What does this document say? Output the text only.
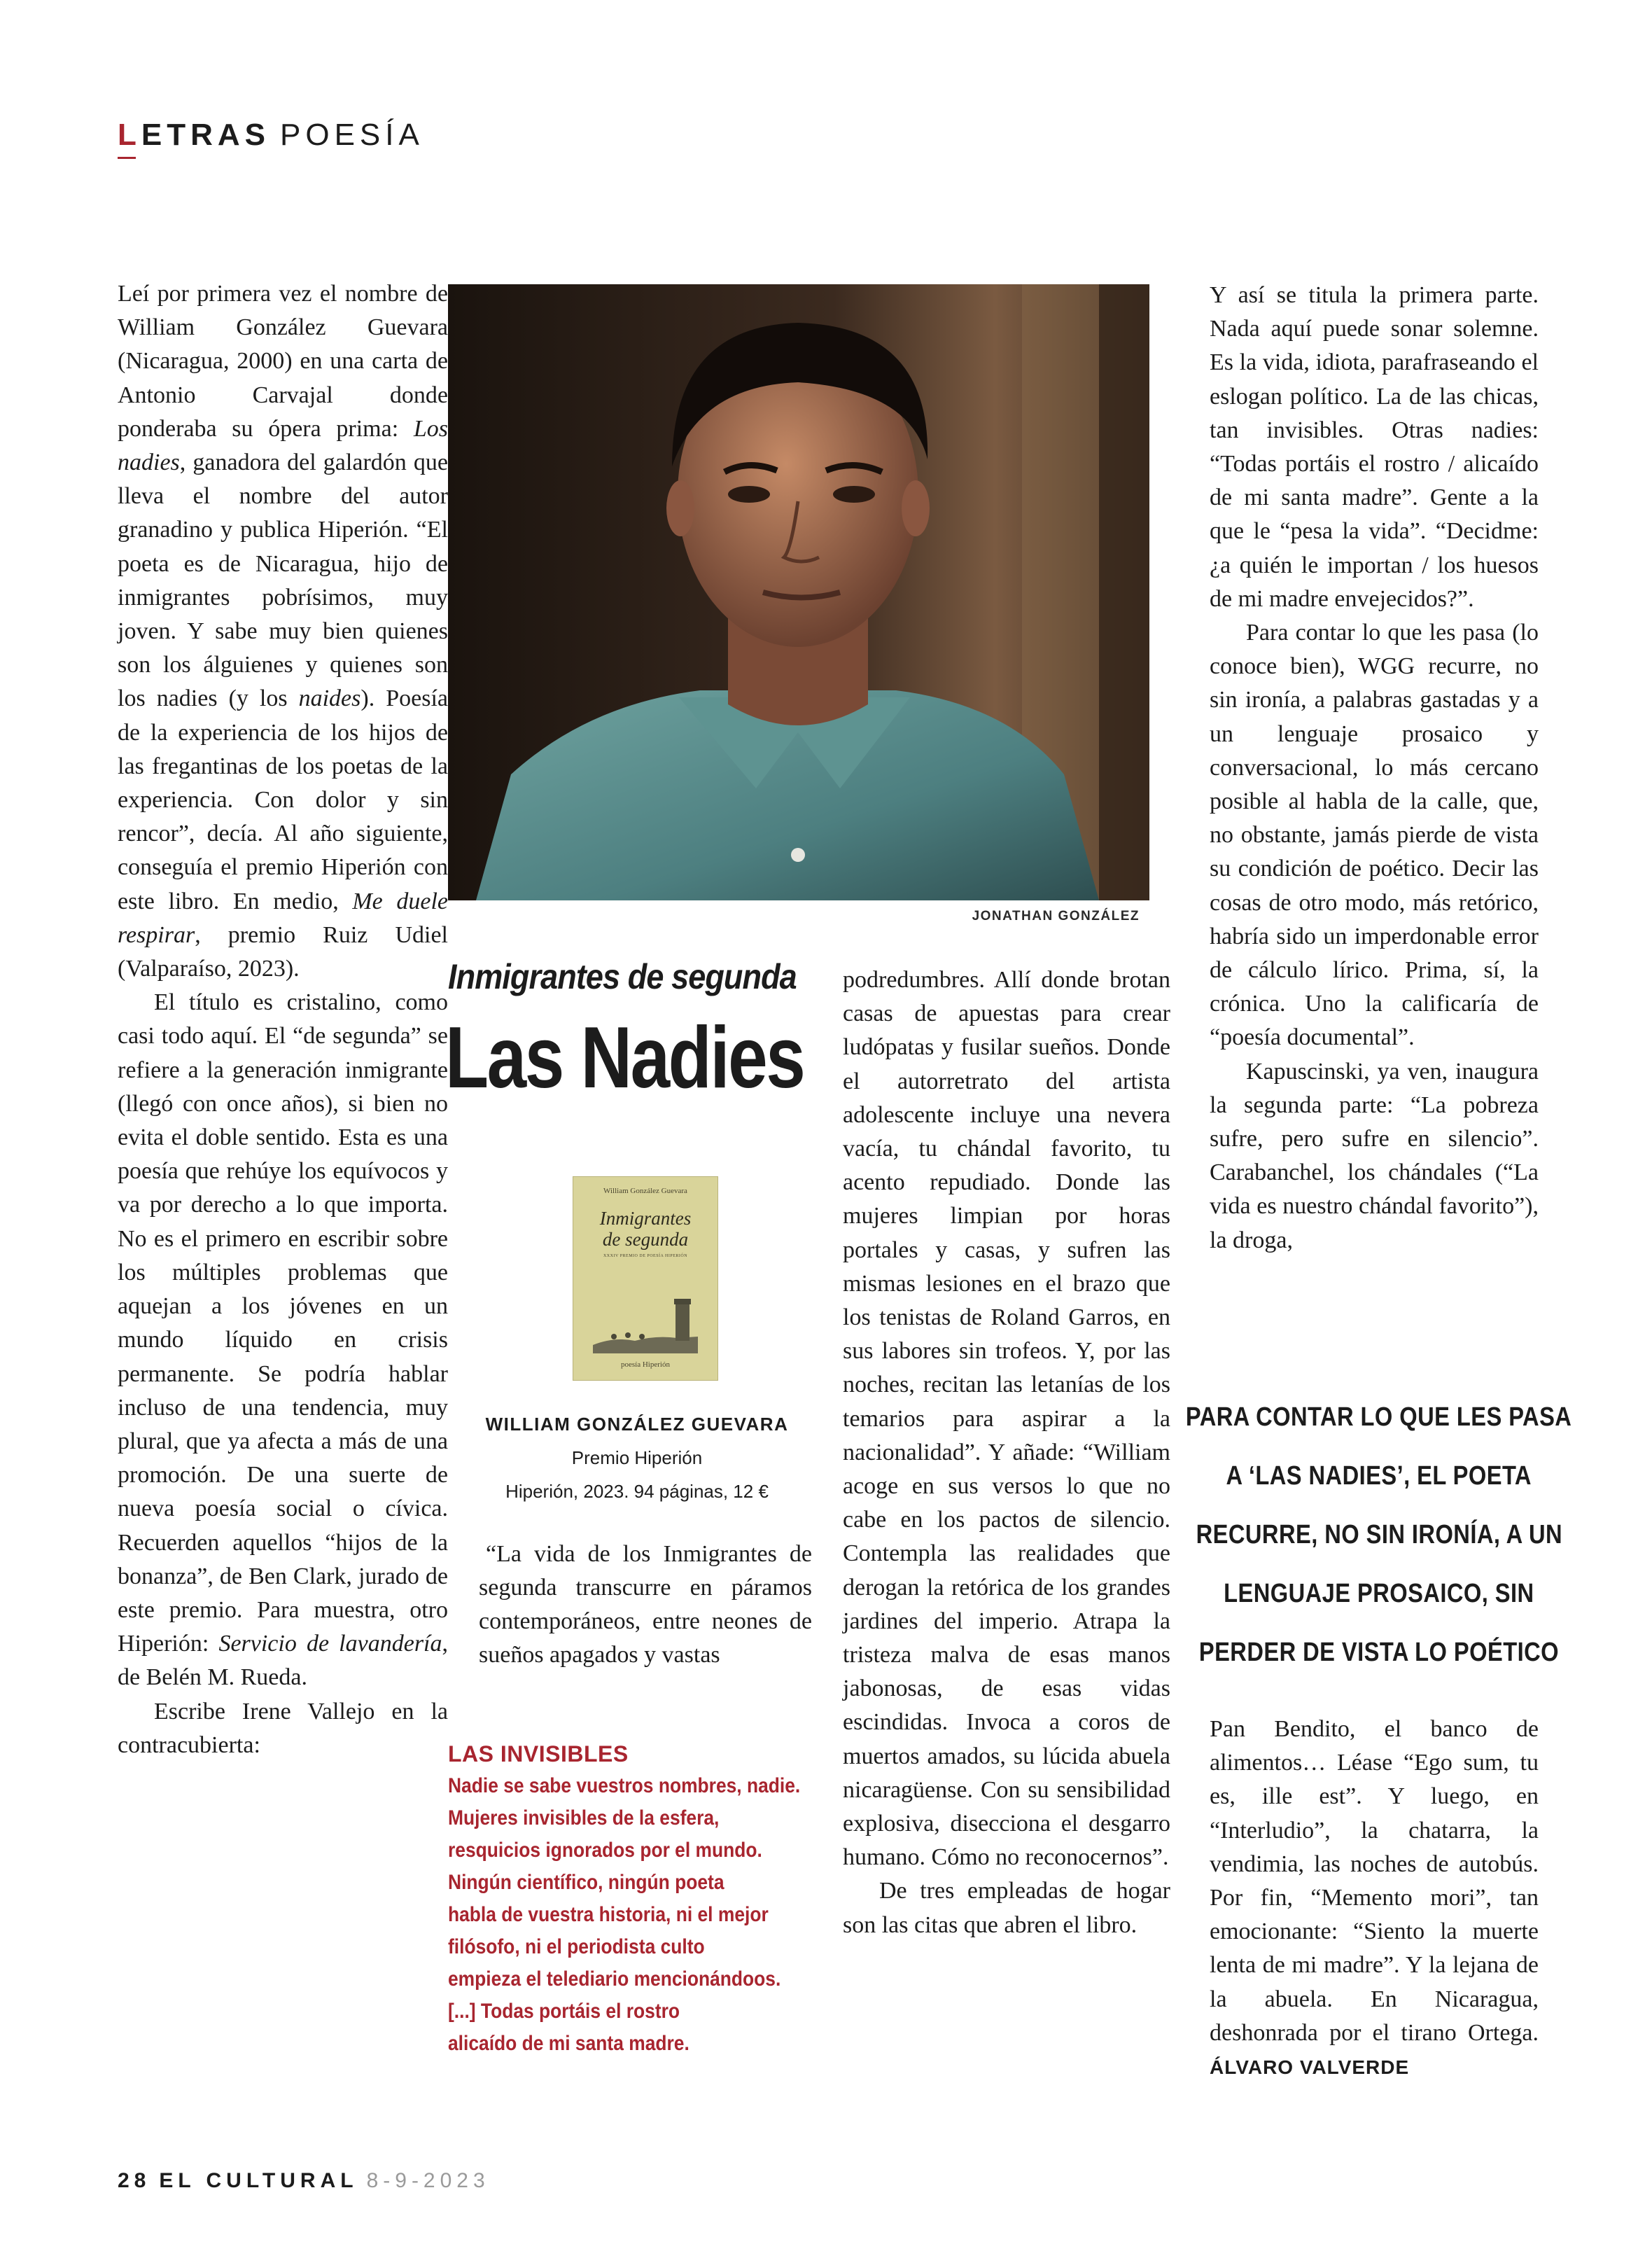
LETRAS POESÍA

Leí por primera vez el nombre de William González Guevara (Nicaragua, 2000) en una carta de Antonio Carvajal donde ponderaba su ópera prima: Los nadies, ganadora del galardón que lleva el nombre del autor granadino y publica Hiperión. “El poeta es de Nicaragua, hijo de inmigrantes pobrísimos, muy joven. Y sabe muy bien quienes son los álguienes y quienes son los nadies (y los naides). Poesía de la experiencia de los hijos de las fregantinas de los poetas de la experiencia. Con dolor y sin rencor”, decía. Al año siguiente, conseguía el premio Hiperión con este libro. En medio, Me duele respirar, premio Ruiz Udiel (Valparaíso, 2023).

El título es cristalino, como casi todo aquí. El “de segunda” se refiere a la generación inmigrante (llegó con once años), si bien no evita el doble sentido. Esta es una poesía que rehúye los equívocos y va por derecho a lo que importa. No es el primero en escribir sobre los múltiples problemas que aquejan a los jóvenes en un mundo líquido en crisis permanente. Se podría hablar incluso de una tendencia, muy plural, que ya afecta a más de una promoción. De una suerte de nueva poesía social o cívica. Recuerden aquellos “hijos de la bonanza”, de Ben Clark, jurado de este premio. Para muestra, otro Hiperión: Servicio de lavandería, de Belén M. Rueda.

Escribe Irene Vallejo en la contracubierta:

JONATHAN GONZÁLEZ
Inmigrantes de segunda
Las Nadies
William González Guevara
Inmigrantes
de segunda
XXXIV PREMIO DE POESÍA HIPERIÓN
poesía Hiperión
WILLIAM GONZÁLEZ GUEVARA
Premio Hiperión
Hiperión, 2023. 94 páginas, 12 €
“La vida de los Inmigrantes de segunda transcurre en páramos contemporáneos, entre neones de sueños apagados y vastas
LAS INVISIBLES
Nadie se sabe vuestros nombres, nadie.
Mujeres invisibles de la esfera,
resquicios ignorados por el mundo.
Ningún científico, ningún poeta
habla de vuestra historia, ni el mejor
filósofo, ni el periodista culto
empieza el telediario mencionándoos.
[...] Todas portáis el rostro
alicaído de mi santa madre.

podredumbres. Allí donde brotan casas de apuestas para crear ludópatas y fusilar sueños. Donde el autorretrato del artista adolescente incluye una nevera vacía, tu chándal favorito, tu acento repudiado. Donde las mujeres limpian por horas portales y casas, y sufren las mismas lesiones en el brazo que los tenistas de Roland Garros, en sus labores sin trofeos. Y, por las noches, recitan las letanías de los temarios para aspirar a la nacionalidad”. Y añade: “William acoge en sus versos lo que no cabe en los pactos de silencio. Contempla las realidades que derogan la retórica de los grandes jardines del imperio. Atrapa la tristeza malva de esas manos jabonosas, de esas vidas escindidas. Invoca a coros de muertos amados, su lúcida abuela nicaragüense. Con su sensibilidad explosiva, diseccionа el desgarro humano. Cómo no reconocernos”.

De tres empleadas de hogar son las citas que abren el libro.

Y así se titula la primera parte. Nada aquí puede sonar solemne. Es la vida, idiota, parafraseando el eslogan político. La de las chicas, tan invisibles. Otras nadies: “Todas portáis el rostro / alicaído de mi santa madre”. Gente a la que le “pesa la vida”. “Decidme: ¿a quién le importan / los huesos de mi madre envejecidos?”.

Para contar lo que les pasa (lo conoce bien), WGG recurre, no sin ironía, a palabras gastadas y a un lenguaje prosaico y conversacional, lo más cercano posible al habla de la calle, que, no obstante, jamás pierde de vista su condición de poético. Decir las cosas de otro modo, más retórico, habría sido un imperdonable error de cálculo lírico. Prima, sí, la crónica. Uno la calificaría de “poesía documental”.

Kapuscinski, ya ven, inaugura la segunda parte: “La pobreza sufre, pero sufre en silencio”. Carabanchel, los chándales (“La vida es nuestro chándal favorito”), la droga,

PARA CONTAR LO QUE LES PASA
A ‘LAS NADIES’, EL POETA
RECURRE, NO SIN IRONÍA, A UN
LENGUAJE PROSAICO, SIN
PERDER DE VISTA LO POÉTICO

Pan Bendito, el banco de alimentos… Léase “Ego sum, tu es, ille est”. Y luego, en “Interludio”, la chatarra, la vendimia, las noches de autobús. Por fin, “Memento mori”, tan emocionante: “Siento la muerte lenta de mi madre”. Y la lejana de la abuela. En Nicaragua, deshonrada por el tirano Ortega. ÁLVARO VALVERDE

28 EL CULTURAL 8-9-2023
